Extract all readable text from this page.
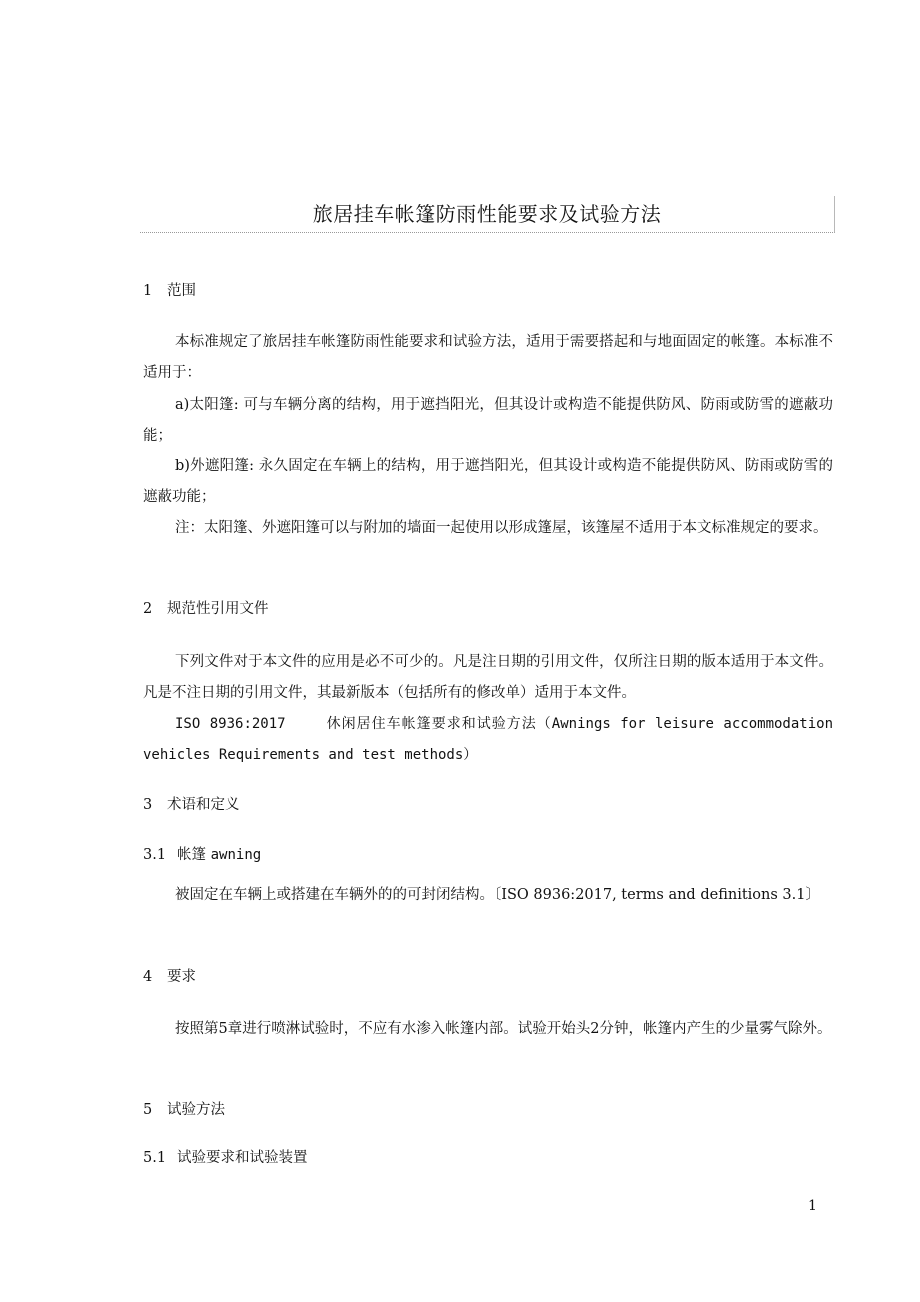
旅居挂车帐篷防雨性能要求及试验方法
1 范围
本标准规定了旅居挂车帐篷防雨性能要求和试验方法，适用于需要搭起和与地面固定的帐篷。本标准不适用于：
a)太阳篷: 可与车辆分离的结构，用于遮挡阳光，但其设计或构造不能提供防风、防雨或防雪的遮蔽功能；
b)外遮阳篷: 永久固定在车辆上的结构，用于遮挡阳光，但其设计或构造不能提供防风、防雨或防雪的遮蔽功能；
注：太阳篷、外遮阳篷可以与附加的墙面一起使用以形成篷屋，该篷屋不适用于本文标准规定的要求。
2 规范性引用文件
下列文件对于本文件的应用是必不可少的。凡是注日期的引用文件，仅所注日期的版本适用于本文件。凡是不注日期的引用文件，其最新版本（包括所有的修改单）适用于本文件。
ISO 8936:2017	休闲居住车帐篷要求和试验方法（Awnings for leisure accommodation vehicles Requirements and test methods）
3 术语和定义
3.1 帐篷 awning
被固定在车辆上或搭建在车辆外的的可封闭结构。〔ISO 8936:2017, terms and definitions 3.1〕
4 要求
按照第5章进行喷淋试验时，不应有水渗入帐篷内部。试验开始头2分钟，帐篷内产生的少量雾气除外。
5 试验方法
5.1 试验要求和试验装置
1
